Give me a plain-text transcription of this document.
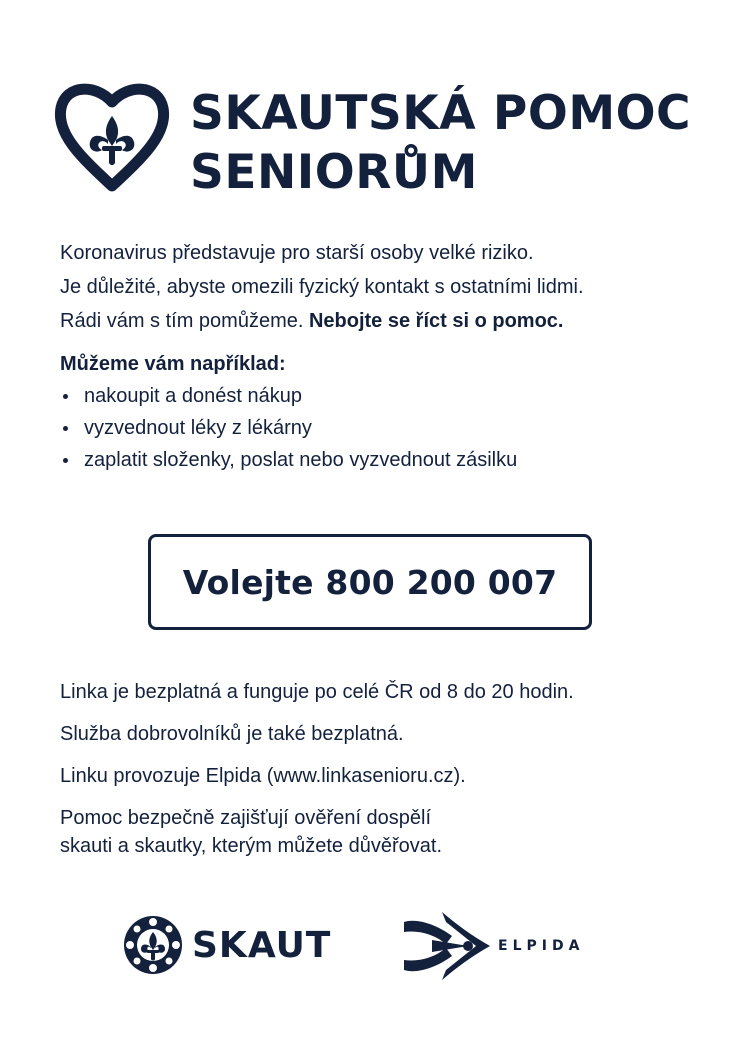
SKAUTSKÁ POMOC
SENIORŮM

Koronavirus představuje pro starší osoby velké riziko.
Je důležité, abyste omezili fyzický kontakt s ostatními lidmi.
Rádi vám s tím pomůžeme. Nebojte se říct si o pomoc.

Můžeme vám například:

nakoupit a donést nákup
vyzvednout léky z lékárny
zaplatit složenky, poslat nebo vyzvednout zásilku
Volejte 800 200 007

Linka je bezplatná a funguje po celé ČR od 8 do 20 hodin.

Služba dobrovolníků je také bezplatná.

Linku provozuje Elpida (www.linkasenioru.cz).

Pomoc bezpečně zajišťují ověření dospělí
skauti a skautky, kterým můžete důvěřovat.

SKAUT	ELPIDA
